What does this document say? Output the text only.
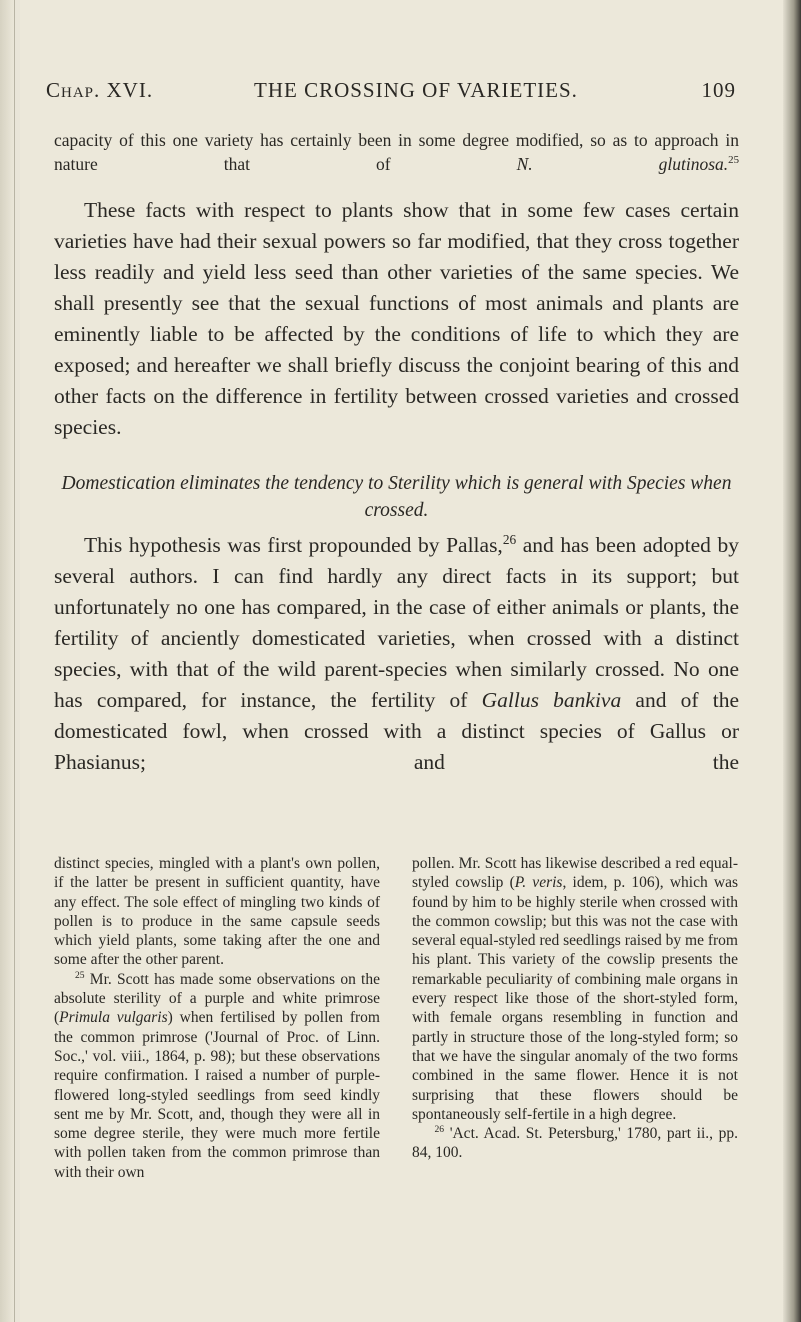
Chap. XVI.	THE CROSSING OF VARIETIES.	109

capacity of this one variety has certainly been in some degree modified, so as to approach in nature that of N. glutinosa.$^{25}$

These facts with respect to plants show that in some few cases certain varieties have had their sexual powers so far modified, that they cross together less readily and yield less seed than other varieties of the same species. We shall presently see that the sexual functions of most animals and plants are eminently liable to be affected by the conditions of life to which they are exposed; and hereafter we shall briefly discuss the conjoint bearing of this and other facts on the difference in fertility between crossed varieties and crossed species.

Domestication eliminates the tendency to Sterility which is general with Species when crossed.

This hypothesis was first propounded by Pallas,$^{26}$ and has been adopted by several authors. I can find hardly any direct facts in its support; but unfortunately no one has compared, in the case of either animals or plants, the fertility of anciently domesticated varieties, when crossed with a distinct species, with that of the wild parent-species when similarly crossed. No one has compared, for instance, the fertility of Gallus bankiva and of the domesticated fowl, when crossed with a distinct species of Gallus or Phasianus; and the

distinct species, mingled with a plant's own pollen, if the latter be present in sufficient quantity, have any effect. The sole effect of mingling two kinds of pollen is to produce in the same capsule seeds which yield plants, some taking after the one and some after the other parent.
$^{25}$ Mr. Scott has made some observations on the absolute sterility of a purple and white primrose (Primula vulgaris) when fertilised by pollen from the common primrose ('Journal of Proc. of Linn. Soc.,' vol. viii., 1864, p. 98); but these observations require confirmation. I raised a number of purple-flowered long-styled seedlings from seed kindly sent me by Mr. Scott, and, though they were all in some degree sterile, they were much more fertile with pollen taken from the common primrose than with their own

pollen. Mr. Scott has likewise described a red equal-styled cowslip (P. veris, idem, p. 106), which was found by him to be highly sterile when crossed with the common cowslip; but this was not the case with several equal-styled red seedlings raised by me from his plant. This variety of the cowslip presents the remarkable peculiarity of combining male organs in every respect like those of the short-styled form, with female organs resembling in function and partly in structure those of the long-styled form; so that we have the singular anomaly of the two forms combined in the same flower. Hence it is not surprising that these flowers should be spontaneously self-fertile in a high degree.
$^{26}$ 'Act. Acad. St. Petersburg,' 1780, part ii., pp. 84, 100.
